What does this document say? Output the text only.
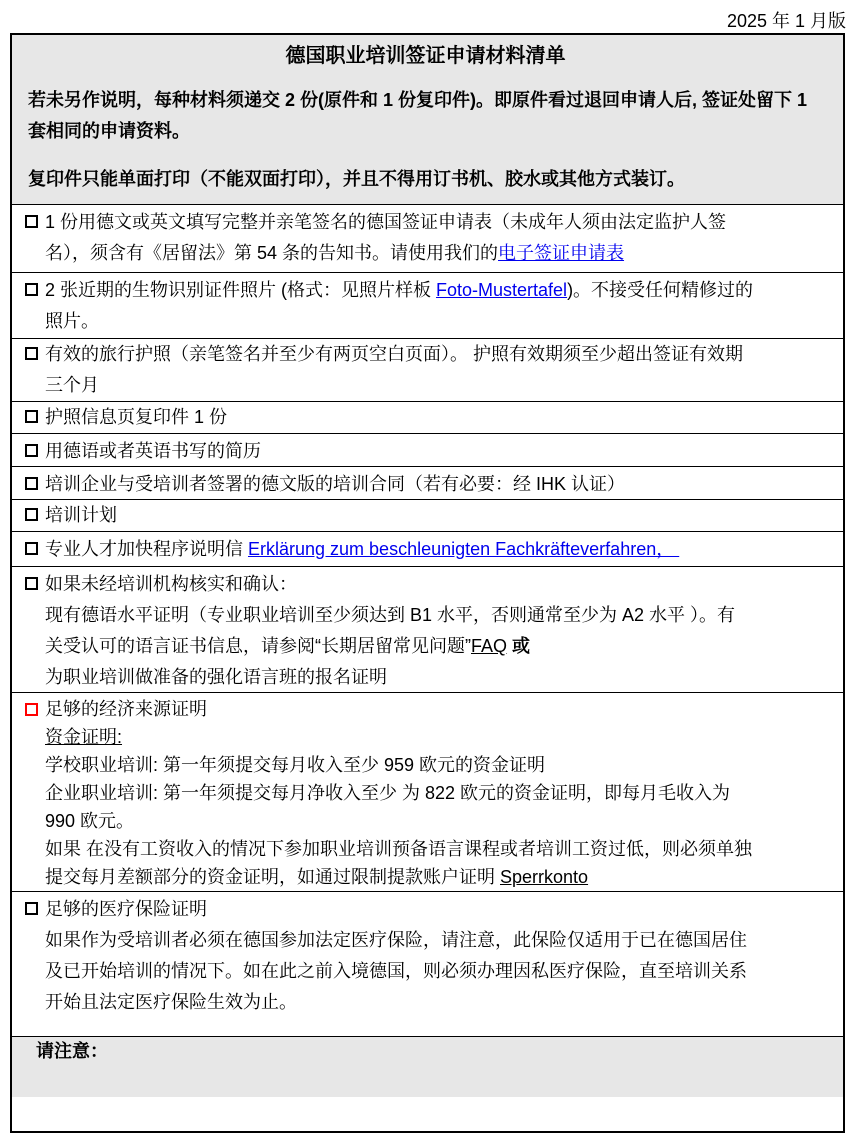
2025 年 1 月版
德国职业培训签证申请材料清单
若未另作说明，每种材料须递交 2 份(原件和 1 份复印件)。即原件看过退回申请人后, 签证处留下 1 套相同的申请资料。
复印件只能单面打印（不能双面打印），并且不得用订书机、胶水或其他方式装订。
1 份用德文或英文填写完整并亲笔签名的德国签证申请表（未成年人须由法定监护人签
名），须含有《居留法》第 54 条的告知书。请使用我们的电子签证申请表
2 张近期的生物识别证件照片 (格式：见照片样板 Foto-Mustertafel)。不接受任何精修过的
照片。
有效的旅行护照（亲笔签名并至少有两页空白页面）。 护照有效期须至少超出签证有效期
三个月
护照信息页复印件 1 份
用德语或者英语书写的简历
培训企业与受培训者签署的德文版的培训合同（若有必要：经 IHK 认证）
培训计划
专业人才加快程序说明信 Erklärung zum beschleunigten Fachkräfteverfahren，
如果未经培训机构核实和确认：
现有德语水平证明（专业职业培训至少须达到 B1 水平，否则通常至少为 A2 水平 ）。有
关受认可的语言证书信息，请参阅“长期居留常见问题”FAQ 或
为职业培训做准备的强化语言班的报名证明
足够的经济来源证明
资金证明:
学校职业培训: 第一年须提交每月收入至少 959 欧元的资金证明
企业职业培训: 第一年须提交每月净收入至少 为 822 欧元的资金证明，即每月毛收入为
990 欧元。
如果 在没有工资收入的情况下参加职业培训预备语言课程或者培训工资过低，则必须单独
提交每月差额部分的资金证明，如通过限制提款账户证明 Sperrkonto
足够的医疗保险证明
如果作为受培训者必须在德国参加法定医疗保险，请注意，此保险仅适用于已在德国居住
及已开始培训的情况下。如在此之前入境德国，则必须办理因私医疗保险，直至培训关系
开始且法定医疗保险生效为止。
请注意：
